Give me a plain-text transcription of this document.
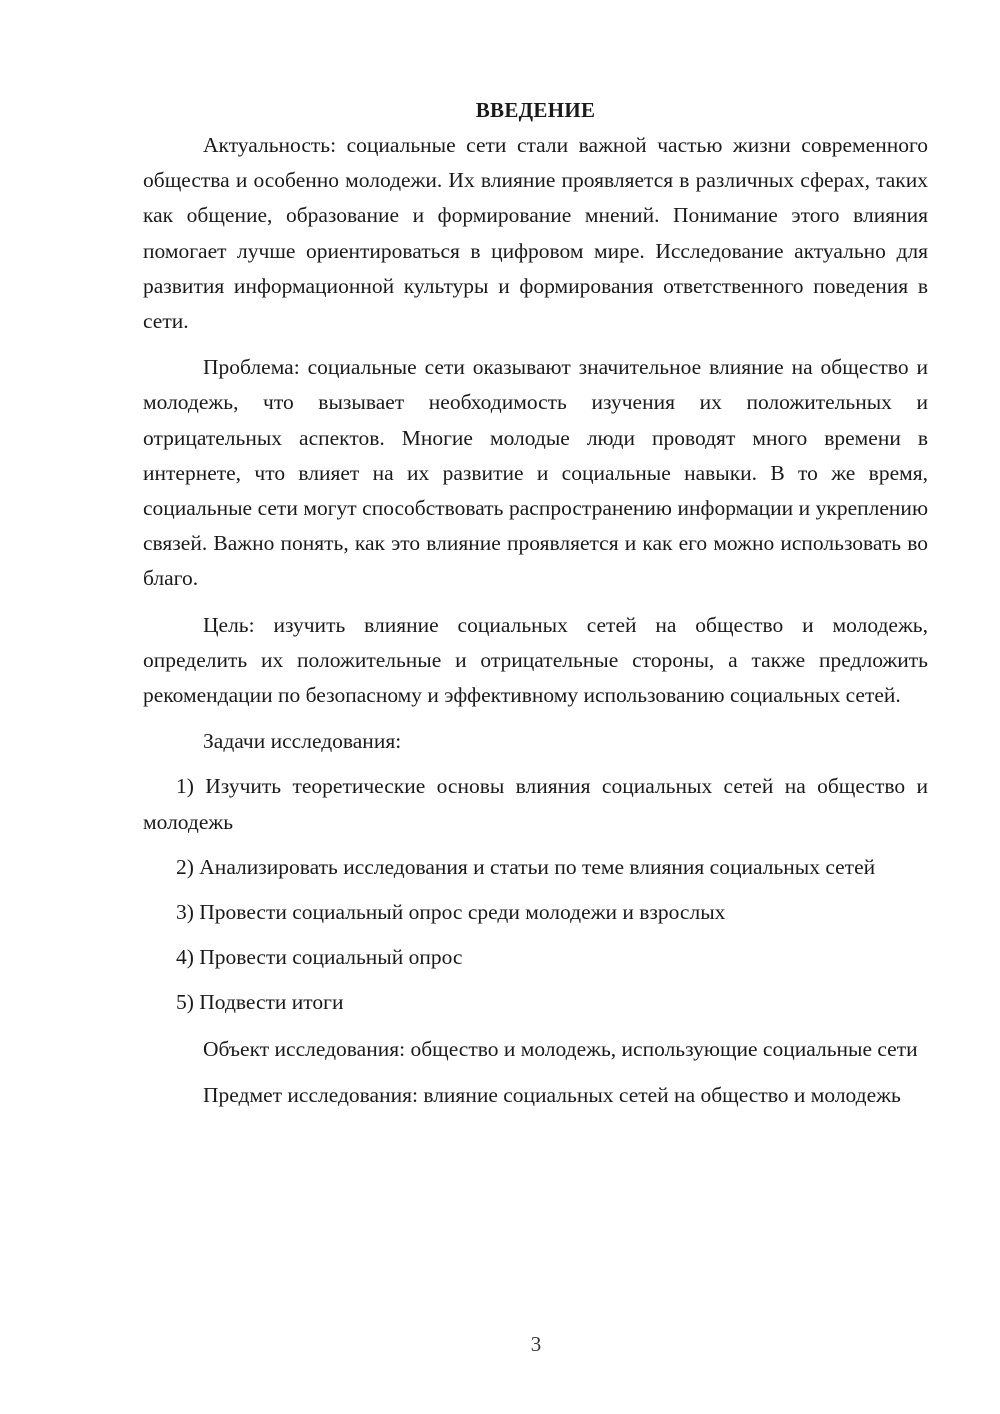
ВВЕДЕНИЕ

Актуальность: социальные сети стали важной частью жизни современного общества и особенно молодежи. Их влияние проявляется в различных сферах, таких как общение, образование и формирование мнений. Понимание этого влияния помогает лучше ориентироваться в цифровом мире. Исследование актуально для развития информационной культуры и формирования ответственного поведения в сети.

Проблема: социальные сети оказывают значительное влияние на общество и молодежь, что вызывает необходимость изучения их положительных и отрицательных аспектов. Многие молодые люди проводят много времени в интернете, что влияет на их развитие и социальные навыки. В то же время, социальные сети могут способствовать распространению информации и укреплению связей. Важно понять, как это влияние проявляется и как его можно использовать во благо.

Цель: изучить влияние социальных сетей на общество и молодежь, определить их положительные и отрицательные стороны, а также предложить рекомендации по безопасному и эффективному использованию социальных сетей.

Задачи исследования:

1) Изучить теоретические основы влияния социальных сетей на общество и молодежь

2) Анализировать исследования и статьи по теме влияния социальных сетей

3) Провести социальный опрос среди молодежи и взрослых

4) Провести социальный опрос

5) Подвести итоги

Объект исследования: общество и молодежь, использующие социальные сети

Предмет исследования: влияние социальных сетей на общество и молодежь

3
